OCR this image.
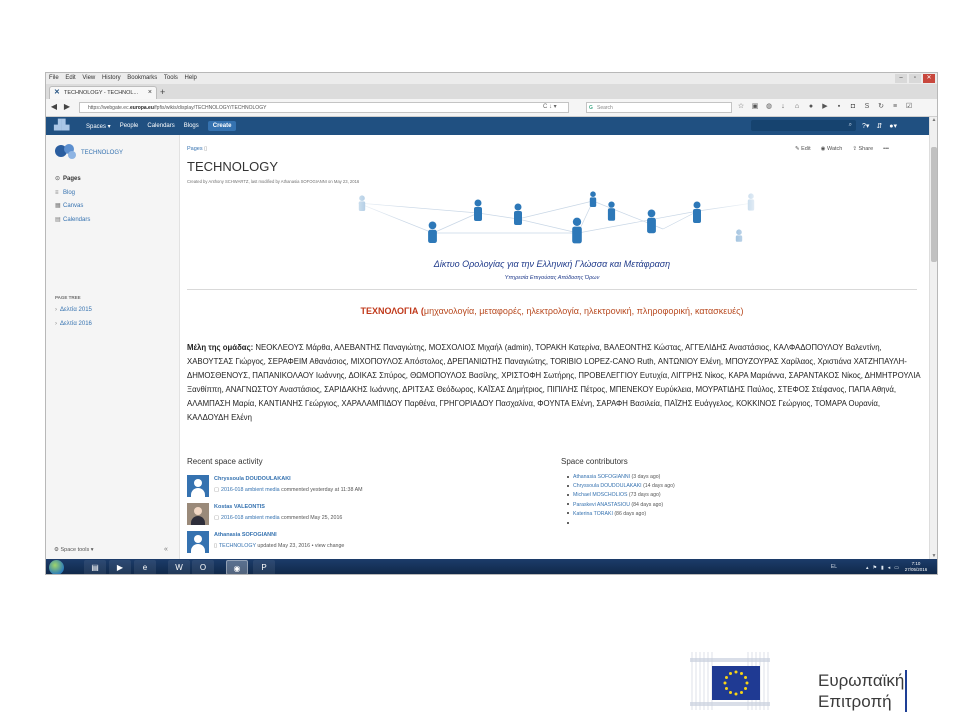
File Edit View History Bookmarks Tools Help	–	▫	✕
✕ TECHNOLOGY - TECHNOL... × +
◀ ▶	https://webgate.ec.europa.eu/fpfis/wikis/display/TECHNOLOGY/TECHNOLOGY	C ↓ ▾	G Search	☆ ▣ ◍	↓	⌂	●	▶	▪	◘	S	↻	≡	☑
▟▙	Spaces ▾ People Calendars Blogs	Create	⌕	?▾ ⇵ ●▾
▲
▼
TECHNOLOGY
⊙ Pages
≡ Blog
▦ Canvas
▤ Calendars
PAGE TREE
› Δελτία 2015
› Δελτία 2016
⚙ Space tools ▾	«
Pages ▯
TECHNOLOGY
Created by Anthony SCHWARTZ, last modified by Athanasia SOFOGIANNI on May 23, 2016
✎ Edit ◉ Watch ⇪ Share •••
Δίκτυο Ορολογίας για την Ελληνική Γλώσσα και Μετάφραση
Υπηρεσία Επιγούσας Απόδοσης Όρων
ΤΕΧΝΟΛΟΓΙΑ (μηχανολογία, μεταφορές, ηλεκτρολογία, ηλεκτρονική, πληροφορική, κατασκευές)
Μέλη της ομάδας: ΝΕΟΚΛΕΟΥΣ Μάρθα, ΑΛΕΒΑΝΤΗΣ Παναγιώτης, ΜΟΣΧΟΛΙΟΣ Μιχαήλ (admin), ΤΟΡΑΚΗ Κατερίνα, ΒΑΛΕΟΝΤΗΣ Κώστας, ΑΓΓΕΛΙΔΗΣ Αναστάσιος, ΚΑΛΦΑΔΟΠΟΥΛΟΥ Βαλεντίνη, ΧΑΒΟΥΤΣΑΣ Γιώργος, ΣΕΡΑΦΕΙΜ Αθανάσιος, ΜΙΧΟΠΟΥΛΟΣ Απόστολος, ΔΡΕΠΑΝΙΩΤΗΣ Παναγιώτης, TORIBIO LOPEZ-CANO Ruth, ΑΝΤΩΝΙΟΥ Ελένη, ΜΠΟΥΖΟΥΡΑΣ Χαρίλαος, Χριστιάνα ΧΑΤΖΗΠΑΥΛΗ-ΔΗΜΟΣΘΕΝΟΥΣ, ΠΑΠΑΝΙΚΟΛΑΟΥ Ιωάννης, ΔΟΙΚΑΣ Σπύρος, ΘΩΜΟΠΟΥΛΟΣ Βασίλης, ΧΡΙΣΤΟΦΗ Σωτήρης, ΠΡΟΒΕΛΕΓΓΙΟΥ Ευτυχία, ΛΙΓΓΡΗΣ Νίκος, ΚΑΡΑ Μαριάννα, ΣΑΡΑΝΤΑΚΟΣ Νίκος, ΔΗΜΗΤΡΟΥΛΙΑ Ξανθίππη, ΑΝΑΓΝΩΣΤΟΥ Αναστάσιος, ΣΑΡΙΔΑΚΗΣ Ιωάννης, ΔΡΙΤΣΑΣ Θεόδωρος, ΚΑΪΣΑΣ Δημήτριος, ΠΙΠΙΛΗΣ Πέτρος, ΜΠΕΝΕΚΟΥ Ευρύκλεια, ΜΟΥΡΑΤΙΔΗΣ Παύλος, ΣΤΕΦΟΣ Στέφανος, ΠΑΠΑ Αθηνά, ΑΛΑΜΠΑΣΗ Μαρία, ΚΑΝΤΙΑΝΗΣ Γεώργιος, ΧΑΡΑΛΑΜΠΙΔΟΥ Παρθένα, ΓΡΗΓΟΡΙΑΔΟΥ Πασχαλίνα, ΦΟΥΝΤΑ Ελένη, ΣΑΡΑΦΗ Βασιλεία, ΠΑΪΖΗΣ Ευάγγελος, ΚΟΚΚΙΝΟΣ Γεώργιος, ΤΟΜΑΡΑ Ουρανία, ΚΑΛΔΟΥΔΗ Ελένη
Recent space activity
Chryssoula DOUDOULAKAKI
▢ 2016-018 ambient media commented yesterday at 11:38 AM
Kostas VALEONTIS
▢ 2016-018 ambient media commented May 25, 2016
Athanasia SOFOGIANNI
▯ TECHNOLOGY updated May 23, 2016 • view change
Space contributors
Athanasia SOFOGIANNI (3 days ago)
Chryssoula DOUDOULAKAKI (14 days ago)
Michael MOSCHOLIOS (73 days ago)
Paraskevi ANASTASIOU (84 days ago)
Katerina TORAKI (86 days ago)
▤	▶	e	W	O	◉	P	EL	▴ ⚑ ▮ ◂ ▭
7:10
27/05/2016
Ευρωπαϊκή
Επιτροπή
